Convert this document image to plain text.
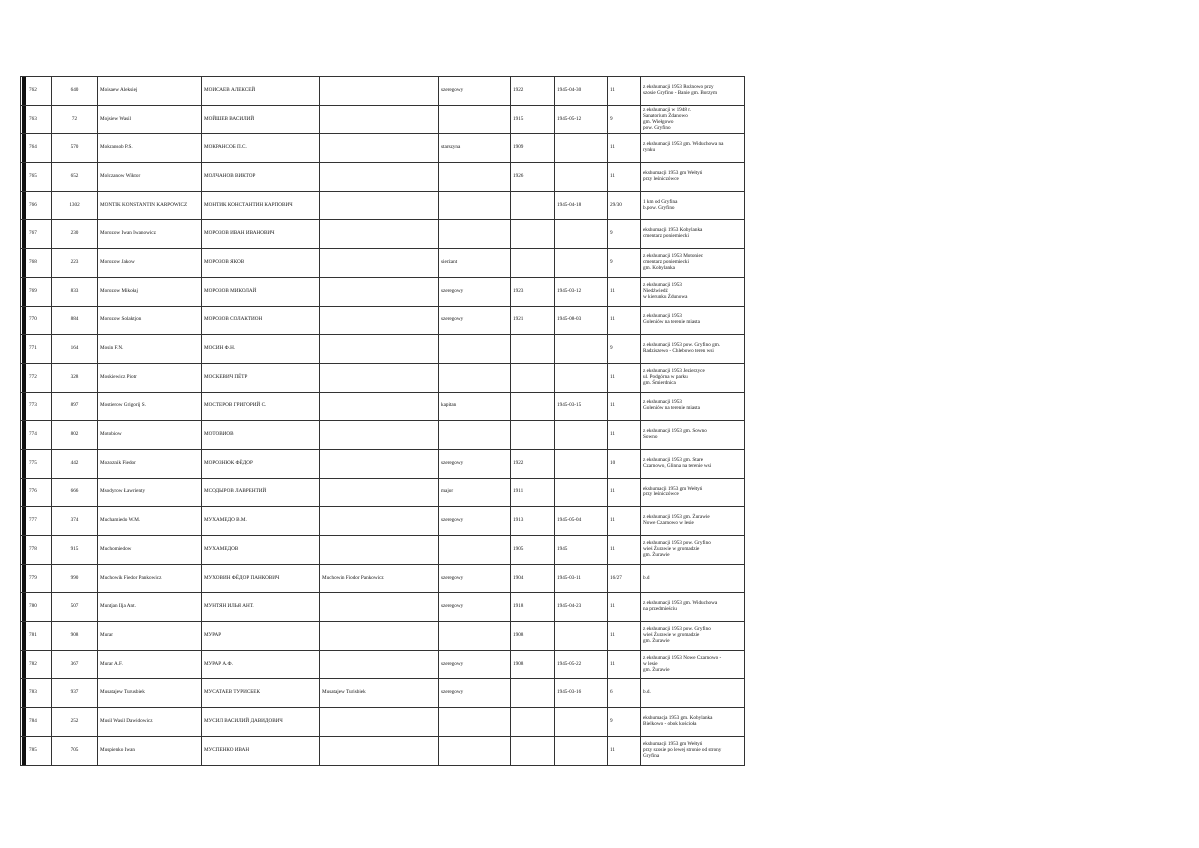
762	640	Moisaew Aleksiej	МОИСАЕВ АЛЕКСЕЙ		szeregowy	1922	1945-04-30	11	z ekshumacji 1953 Rożnowo przy
szosie Gryfino - Banie gm. Borzym

763	72	Mojsiew Wasil	МОЙШЕВ ВАСИЛИЙ			1915	1945-05-12	9	z ekshumacji w 1948 r.
Sanatorium Żdanowo
gm. Wiełgowo
pow. Gryfino

764	570	Mokransob P.S.	МОКРАНСОБ П.С.		starszyna	1909		11	z ekshumacji 1953 gm. Widuchowa na
rynku

765	652	Molczanow Wiktor	МОЛЧАНОВ ВИКТОР			1926		11	ekshumacji 1953 gm Wełtyń
przy leśniczówce

766	1302	MONTIK KONSTANTIN KARPOWICZ	МОНТИК КОНСТАНТИН КАРПОВИЧ				1945-04-18	29/30	1 km od Gryfina
b.pow. Gryfino

767	230	Morozow Iwan Iwanowicz	МОРОЗОВ ИВАН ИВАНОВИЧ					9	ekshumacji 1953 Kobylanka
cmentarz poniemiecki

768	223	Morozow Jakow	МОРОЗОВ ЯКОВ		sierżant			9	z ekshumacji 1953 Motoniec
cmentarz poniemiecki
gm. Kobylanka

769	833	Morozow Mikołaj	МОРОЗОВ МИКОЛАЙ		szeregowy	1923	1945-03-12	11	z ekshumacji 1953
Niedźwiedź
w kierunku Żdunowa

770	884	Morozow Solaktjon	МОРОЗОВ СОЛАКТИОН		szeregowy	1921	1945-08-03	11	z ekshumacji 1953
Goleniów na terenie miasta

771	164	Mosin F.N.	МОСИН Ф.Н.					9	z ekshumacji 1953 pow. Gryfino gm.
Radziszewo - Chlebowo teren wsi

772	328	Moskiewicz Piotr	МОСКЕВИЧ ПЁТР					11	z ekshumacji 1953 Jezierzyce
ul. Podgórna w parku
gm. Śmierdnica

773	897	Mostierow Grigorij S.	МОСТЕРОВ ГРИГОРИЙ С.		kapitan		1945-03-15	11	z ekshumacji 1953
Goleniów na terenie miasta

774	802	Motobiow	МОТОВИОВ					11	z ekshumacji 1953 gm. Sowno
Sowno

775	442	Mozoznik Fiedor	МОРОЗНЮК ФЁДОР		szeregowy	1922		10	z ekshumacji 1953 gm. Stare
Czarnowo, Glinna na terenie wsi

776	666	Msodyrow Ławrienty	МСОДЫРОВ ЛАВРЕНТИЙ		major	1911		11	ekshumacji 1953 gm Wełtyń
przy leśniczówce

777	374	Muchamiedo W.M.	МУХАМЕДО В.М.		szeregowy	1913	1945-05-04	11	z ekshumacji 1953 gm. Żurawie
Nowe Czarnowo w lesie

778	915	Muchomiedow	МУХАМЕДОВ			1905	1945	11	z ekshumacji 1953 pow. Gryfino
wieś Żurawie w gromadzie
gm. Żurawie

779	990	Muchowik Fiedor Pankowicz	МУХОВИН ФЁДОР ПАНКОВИЧ	Muchowin Fiodor Pankowicz	szeregowy	1904	1945-03-11	16/27	b.d

780	507	Muntjan Ilja Ant.	МУНТЯН ИЛЬЯ АНТ.		szeregowy	1918	1945-04-23	11	z ekshumacji 1953 gm. Widuchowa
na przedmieściu

781	908	Murar	МУРАР			1908		11	z ekshumacji 1953 pow. Gryfino
wieś Żurawie w gromadzie
gm. Żurawie

782	367	Murar A.F.	МУРАР А.Ф.		szeregowy	1908	1945-05-22	11	z ekshumacji 1953 Nowe Czarnowo -
w lesie
gm. Żurawie

783	937	Musatajew Turusbiek	МУСАТАЕВ ТУРИСБЕК	Musatajew Turisbiek	szeregowy		1945-03-16	6	b.d.

784	252	Musil Wasil Dawidowicz	МУСИЛ ВАСИЛИЙ ДАВИДОВИЧ					9	ekshumacja 1953 gm. Kobylanka
Bielkowo - obok kościoła

785	705	Muspienko Iwan	МУСПЕНКО ИВАН					11	ekshumacji 1953 gm Wełtyń
przy szosie po lewej stronie od strony
Gryfina
